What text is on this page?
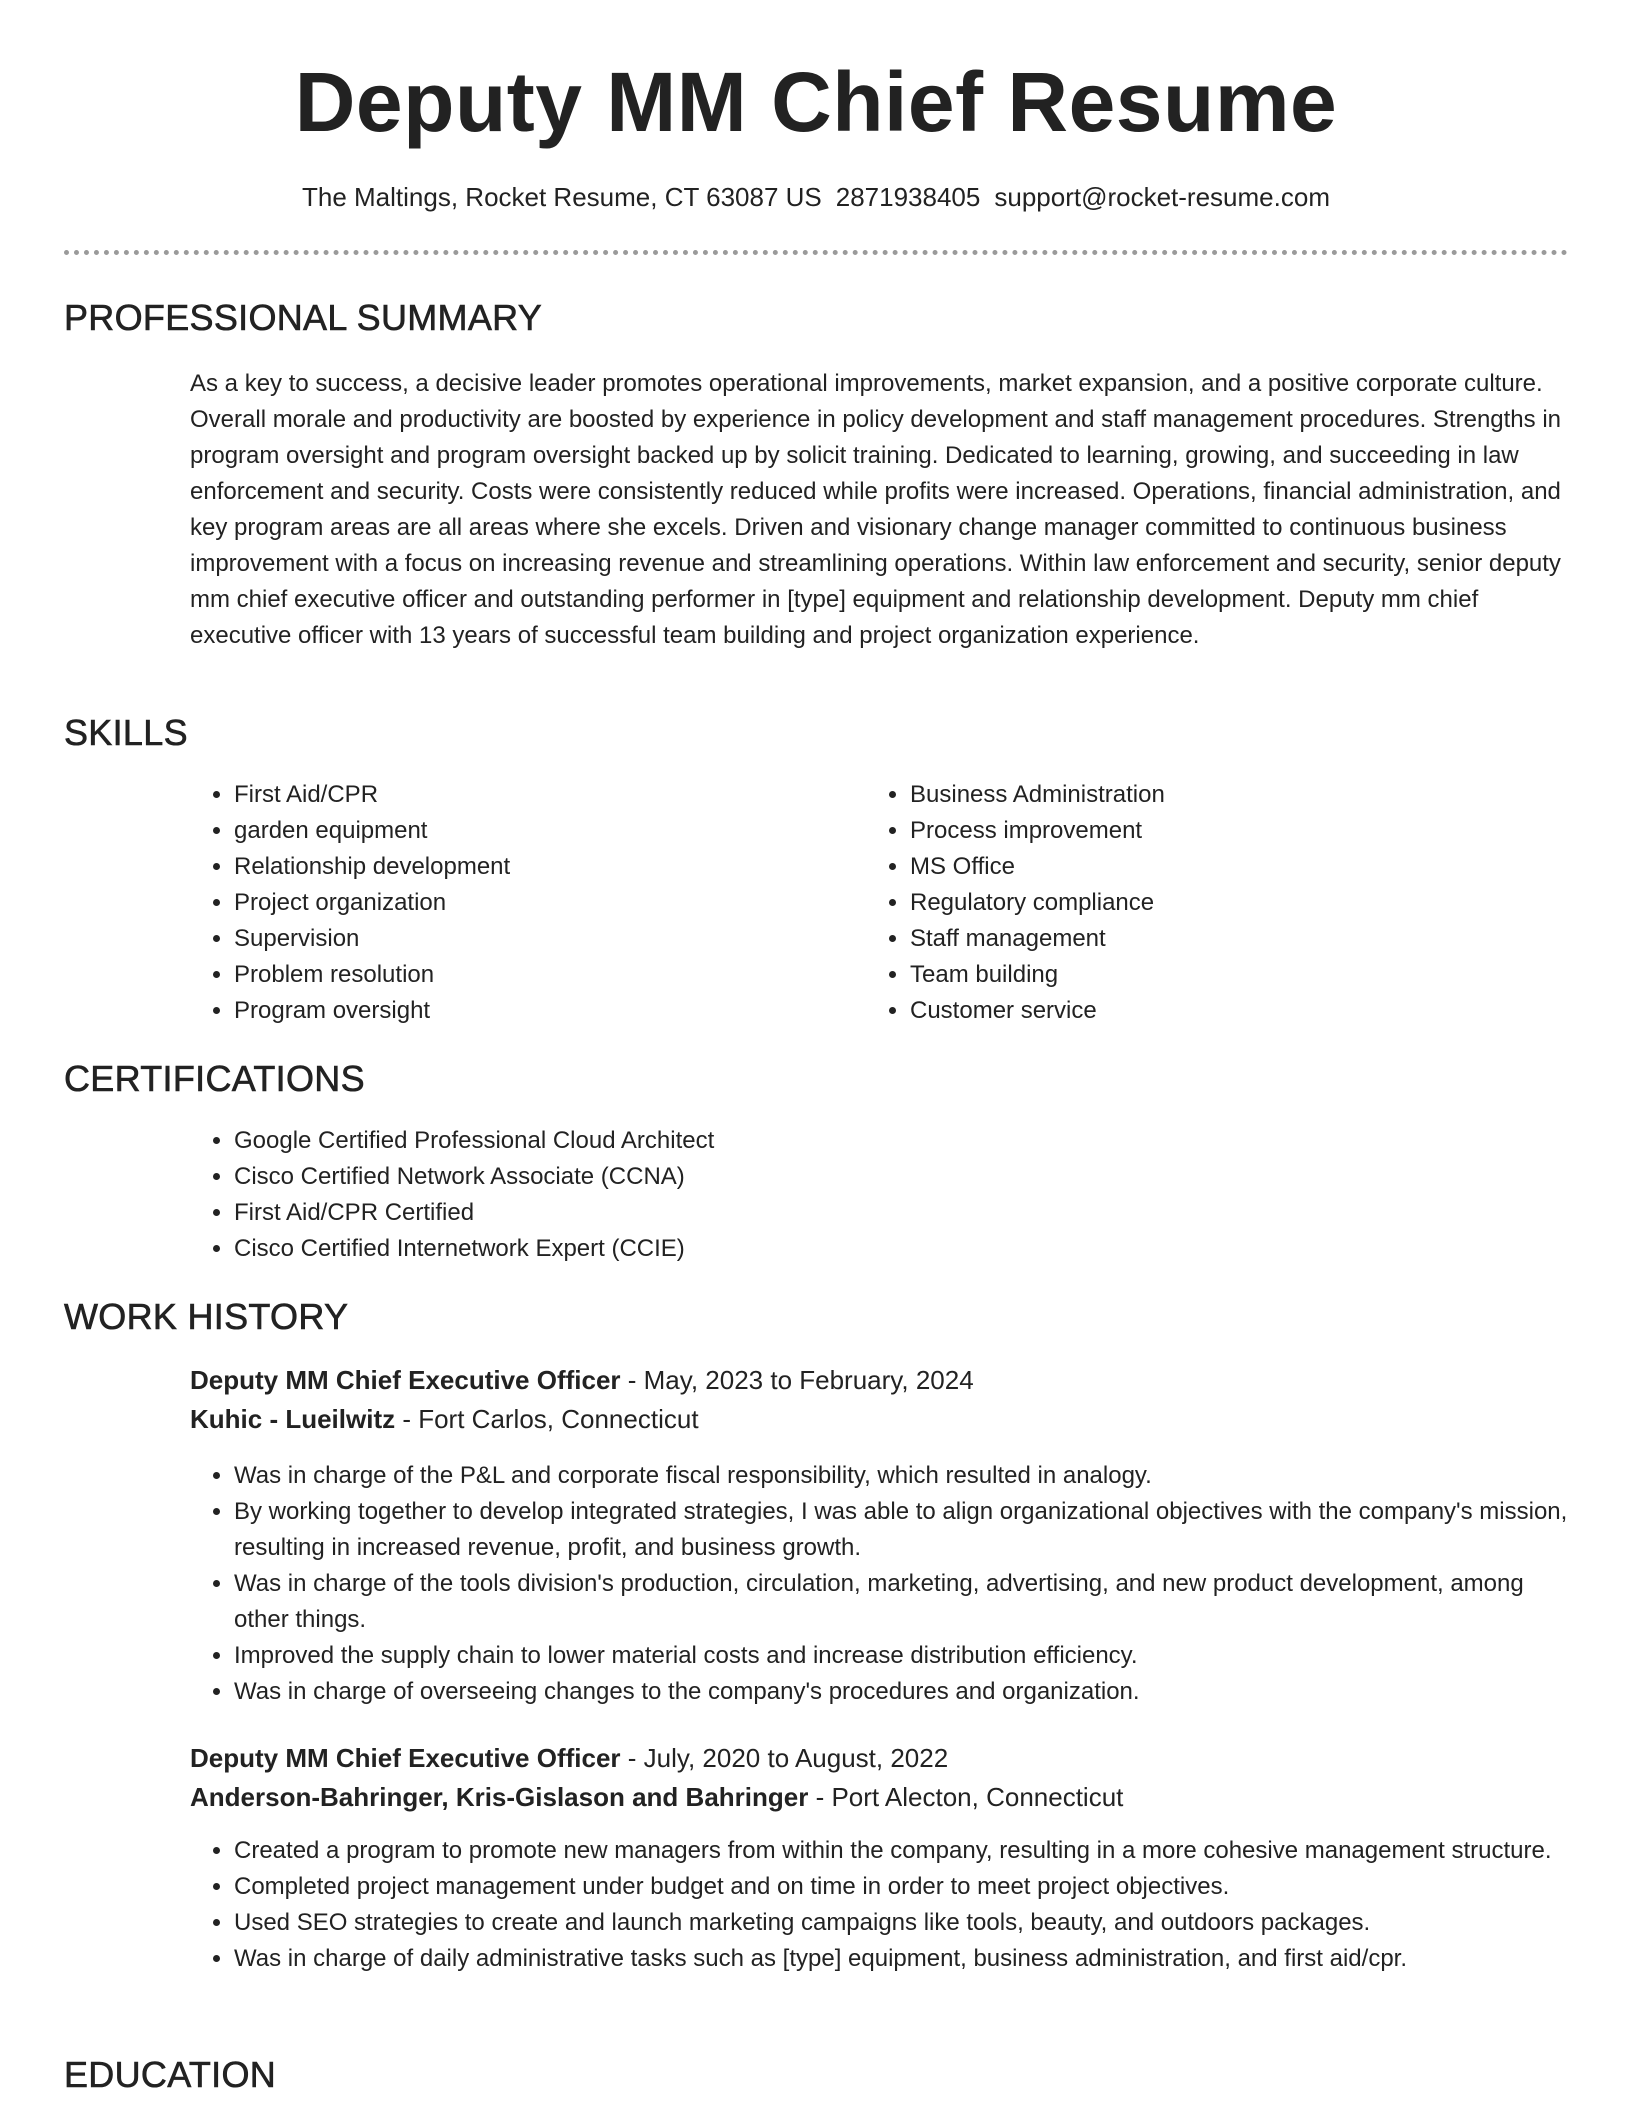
Deputy MM Chief Resume
The Maltings, Rocket Resume, CT 63087 US 2871938405 support@rocket-resume.com
PROFESSIONAL SUMMARY
As a key to success, a decisive leader promotes operational improvements, market expansion, and a positive corporate culture. Overall morale and productivity are boosted by experience in policy development and staff management procedures. Strengths in program oversight and program oversight backed up by solicit training. Dedicated to learning, growing, and succeeding in law enforcement and security. Costs were consistently reduced while profits were increased. Operations, financial administration, and key program areas are all areas where she excels. Driven and visionary change manager committed to continuous business improvement with a focus on increasing revenue and streamlining operations. Within law enforcement and security, senior deputy mm chief executive officer and outstanding performer in [type] equipment and relationship development. Deputy mm chief executive officer with 13 years of successful team building and project organization experience.
SKILLS
• First Aid/CPR
• garden equipment
• Relationship development
• Project organization
• Supervision
• Problem resolution
• Program oversight
• Business Administration
• Process improvement
• MS Office
• Regulatory compliance
• Staff management
• Team building
• Customer service
CERTIFICATIONS
• Google Certified Professional Cloud Architect
• Cisco Certified Network Associate (CCNA)
• First Aid/CPR Certified
• Cisco Certified Internetwork Expert (CCIE)
WORK HISTORY
Deputy MM Chief Executive Officer - May, 2023 to February, 2024
Kuhic - Lueilwitz - Fort Carlos, Connecticut
• Was in charge of the P&L and corporate fiscal responsibility, which resulted in analogy.
• By working together to develop integrated strategies, I was able to align organizational objectives with the company's mission, resulting in increased revenue, profit, and business growth.
• Was in charge of the tools division's production, circulation, marketing, advertising, and new product development, among other things.
• Improved the supply chain to lower material costs and increase distribution efficiency.
• Was in charge of overseeing changes to the company's procedures and organization.
Deputy MM Chief Executive Officer - July, 2020 to August, 2022
Anderson-Bahringer, Kris-Gislason and Bahringer - Port Alecton, Connecticut
• Created a program to promote new managers from within the company, resulting in a more cohesive management structure.
• Completed project management under budget and on time in order to meet project objectives.
• Used SEO strategies to create and launch marketing campaigns like tools, beauty, and outdoors packages.
• Was in charge of daily administrative tasks such as [type] equipment, business administration, and first aid/cpr.
EDUCATION
